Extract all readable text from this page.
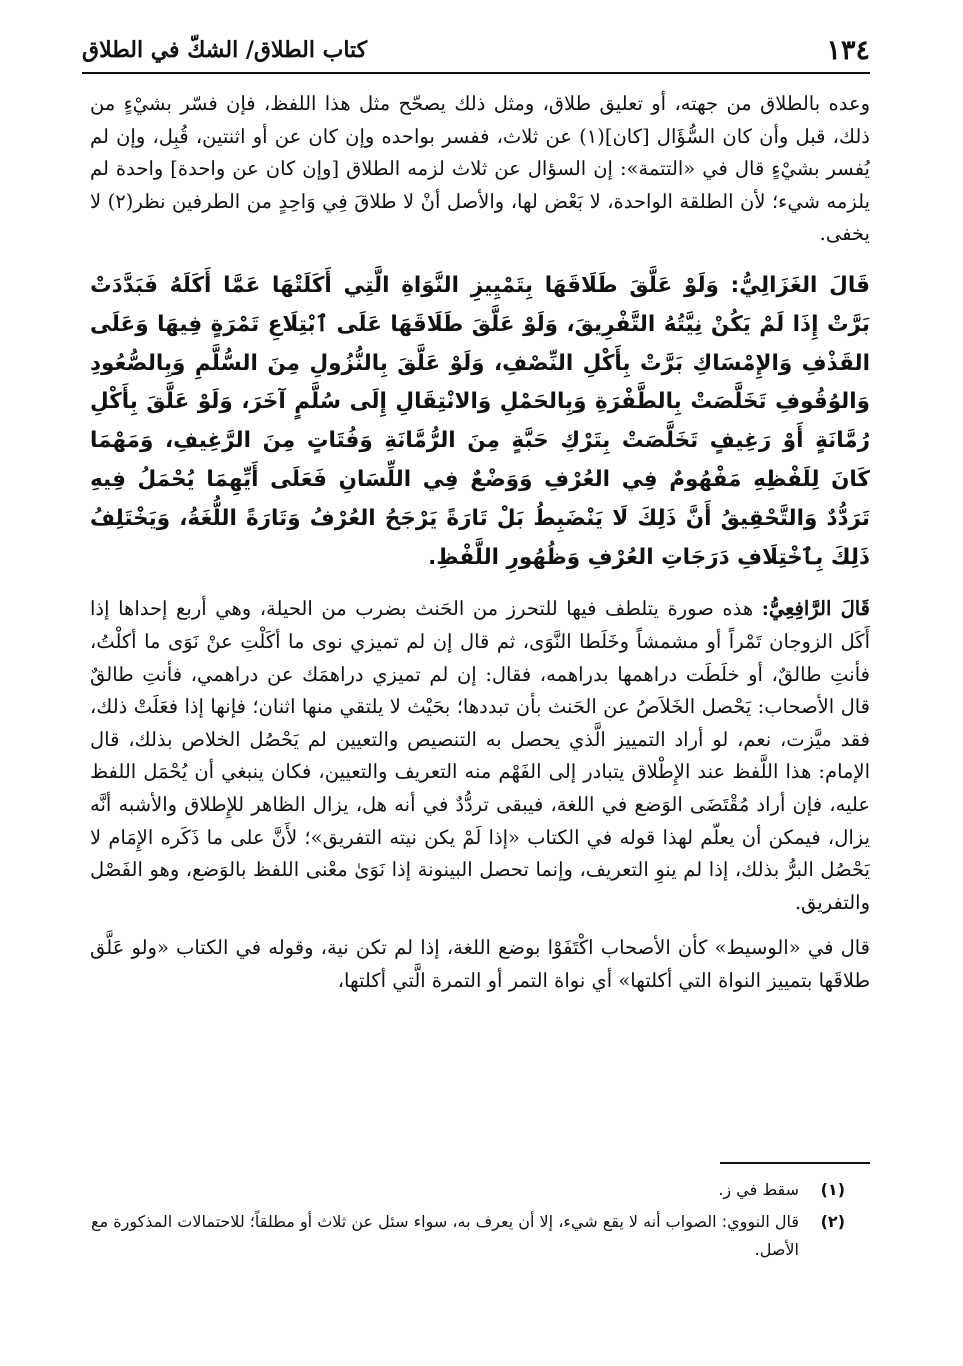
١٣٤
كتاب الطلاق/ الشكّ في الطلاق

وعده بالطلاق من جهته، أو تعليق طلاق، ومثل ذلك يصحّح مثل هذا اللفظ، فإن فسّر بشيْءٍ من ذلك، قبل وأن كان السُّؤَال [كان](١) عن ثلاث، ففسر بواحده وإن كان عن أو اثنتين، قُبِل، وإن لم يُفسر بشيْءٍ قال في «التتمة»: إن السؤال عن ثلاث لزمه الطلاق [وإن كان عن واحدة] واحدة لم يلزمه شيء؛ لأن الطلقة الواحدة، لا بَعْض لها، والأصل أنْ لا طلاقَ فِي وَاحِدٍ من الطرفين نظر(٢) لا يخفى.

قَالَ الغَزَالِيُّ: وَلَوْ عَلَّقَ طَلَاقَهَا بِتَمْيِيزِ النَّوَاةِ الَّتِي أَكَلَتْهَا عَمَّا أَكَلَهُ فَبَدَّدَتْ بَرَّتْ إِذَا لَمْ يَكُنْ نِيَّتُهُ التَّفْرِيقَ، وَلَوْ عَلَّقَ طَلَاقَهَا عَلَى ٱبْتِلَاعِ تَمْرَةٍ فِيهَا وَعَلَى القَذْفِ وَالإِمْسَاكِ بَرَّتْ بِأَكْلِ النِّصْفِ، وَلَوْ عَلَّقَ بِالنُّزُولِ مِنَ السُّلَّمِ وَبِالصُّعُودِ وَالوُقُوفِ تَخَلَّصَتْ بِالطَّفْرَةِ وَبِالحَمْلِ وَالانْتِقَالِ إِلَى سُلَّمٍ آخَرَ، وَلَوْ عَلَّقَ بِأَكْلِ رُمَّانَةٍ أَوْ رَغِيفٍ تَخَلَّصَتْ بِتَرْكِ حَبَّةٍ مِنَ الرُّمَّانَةِ وَفُتَاتٍ مِنَ الرَّغِيفِ، وَمَهْمَا كَانَ لِلَفْظِهِ مَفْهُومٌ فِي العُرْفِ وَوَضْعٌ فِي اللِّسَانِ فَعَلَى أَيِّهِمَا يُحْمَلُ فِيهِ تَرَدُّدٌ وَالتَّحْقِيقُ أَنَّ ذَلِكَ لَا يَنْضَبِطُ بَلْ تَارَةً يَرْجَحُ العُرْفُ وَتَارَةً اللُّغَةُ، وَيَخْتَلِفُ ذَلِكَ بِٱخْتِلَافِ دَرَجَاتِ العُرْفِ وَظُهُورِ اللَّفْظِ.

قَالَ الرَّافِعِيُّ: هذه صورة يتلطف فيها للتحرز من الحَنث بضرب من الحيلة، وهي أربع إحداها إذا أَكَل الزوجان تَمْراً أو مشمشاً وخَلَطا النَّوَى، ثم قال إن لم تميزي نوى ما أكَلْتِ عنْ نَوَى ما أكلْتُ، فأنتِ طالقٌ، أو خلَطَت دراهمها بدراهمه، فقال: إن لم تميزي دراهمَك عن دراهمي، فأنتِ طالقٌ قال الأصحاب: يَحْصل الخَلاَصُ عن الحَنث بأن تبددها؛ بحَيْث لا يلتقي منها اثنان؛ فإنها إذا فعَلَتْ ذلك، فقد ميَّزت، نعم، لو أراد التمييز الَّذي يحصل به التنصيص والتعيين لم يَحْصُل الخلاص بذلك، قال الإمام: هذا اللَّفظ عند الإِطْلاق يتبادر إلى الفَهْم منه التعريف والتعيين، فكان ينبغي أن يُحْمَل اللفظ عليه، فإن أراد مُقْتَضَى الوَضع في اللغة، فيبقى تردُّدٌ في أنه هل، يزال الظاهر للإِطلاق والأشبه أنَّه يزال، فيمكن أن يعلّم لهذا قوله في الكتاب «إذا لَمْ يكن نيته التفريق»؛ لأَنَّ على ما ذَكَره الإِمَام لا يَحْصُل البرُّ بذلك، إذا لم ينوِ التعريف، وإنما تحصل البينونة إذا نَوَىٰ معْنى اللفظ بالوَضع، وهو الفَصْل والتفريق.

قال في «الوسيط» كأن الأصحاب اكْتَفَوْا بوضع اللغة، إذا لم تكن نية، وقوله في الكتاب «ولو عَلَّق طلاقَها بتمييز النواة التي أكلتها» أي نواة التمر أو التمرة الَّتي أكلتها،

(١)
سقط في ز.
(٢)
قال النووي: الصواب أنه لا يقع شيء، إلا أن يعرف به، سواء سئل عن ثلاث أو مطلقاً؛ للاحتمالات المذكورة مع الأصل.
